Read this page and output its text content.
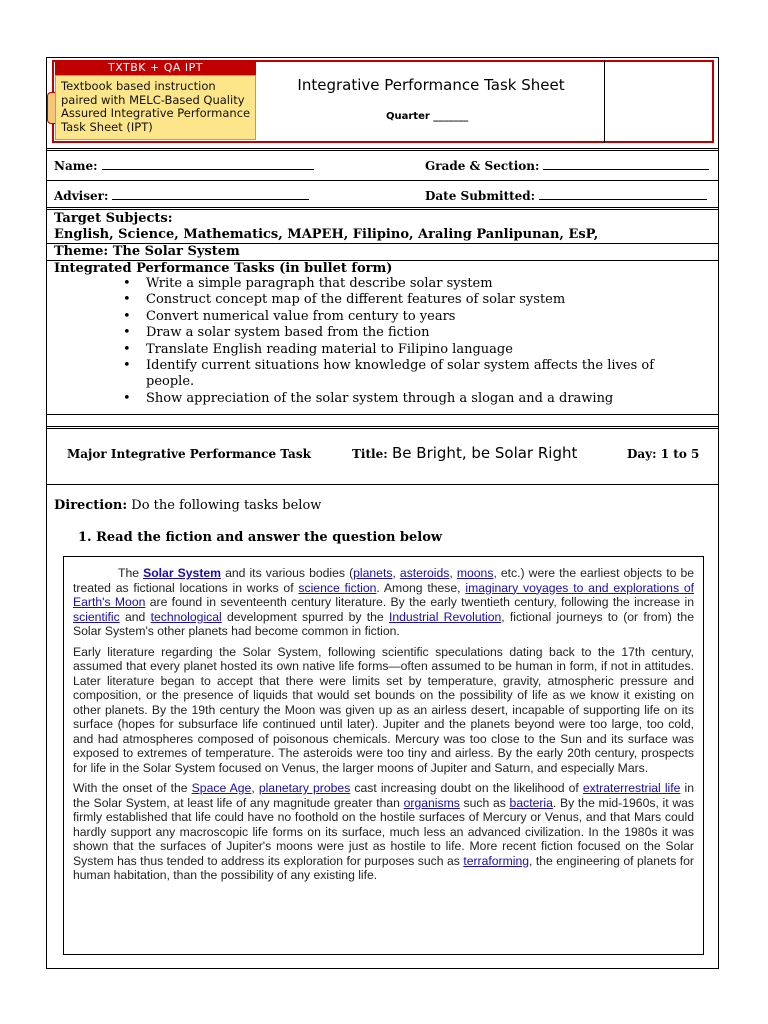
TXTBK + QA IPT
Textbook based instruction paired with MELC-Based Quality Assured Integrative Performance Task Sheet (IPT)
Integrative Performance Task Sheet
Quarter _______
Name:	Grade & Section:
Adviser:	Date Submitted:
Target Subjects:
English, Science, Mathematics, MAPEH, Filipino, Araling Panlipunan, EsP,
Theme: The Solar System
Integrated Performance Tasks (in bullet form)
• Write a simple paragraph that describe solar system
• Construct concept map of the different features of solar system
• Convert numerical value from century to years
• Draw a solar system based from the fiction
• Translate English reading material to Filipino language
• Identify current situations how knowledge of solar system affects the lives of people.
• Show appreciation of the solar system through a slogan and a drawing
Major Integrative Performance Task	Title: Be Bright, be Solar Right	Day: 1 to 5
Direction: Do the following tasks below
1. Read the fiction and answer the question below

The Solar System and its various bodies (planets, asteroids, moons, etc.) were the earliest objects to be treated as fictional locations in works of science fiction. Among these, imaginary voyages to and explorations of Earth's Moon are found in seventeenth century literature. By the early twentieth century, following the increase in scientific and technological development spurred by the Industrial Revolution, fictional journeys to (or from) the Solar System's other planets had become common in fiction.

Early literature regarding the Solar System, following scientific speculations dating back to the 17th century, assumed that every planet hosted its own native life forms—often assumed to be human in form, if not in attitudes. Later literature began to accept that there were limits set by temperature, gravity, atmospheric pressure and composition, or the presence of liquids that would set bounds on the possibility of life as we know it existing on other planets. By the 19th century the Moon was given up as an airless desert, incapable of supporting life on its surface (hopes for subsurface life continued until later). Jupiter and the planets beyond were too large, too cold, and had atmospheres composed of poisonous chemicals. Mercury was too close to the Sun and its surface was exposed to extremes of temperature. The asteroids were too tiny and airless. By the early 20th century, prospects for life in the Solar System focused on Venus, the larger moons of Jupiter and Saturn, and especially Mars.

With the onset of the Space Age, planetary probes cast increasing doubt on the likelihood of extraterrestrial life in the Solar System, at least life of any magnitude greater than organisms such as bacteria. By the mid-1960s, it was firmly established that life could have no foothold on the hostile surfaces of Mercury or Venus, and that Mars could hardly support any macroscopic life forms on its surface, much less an advanced civilization. In the 1980s it was shown that the surfaces of Jupiter's moons were just as hostile to life. More recent fiction focused on the Solar System has thus tended to address its exploration for purposes such as terraforming, the engineering of planets for human habitation, than the possibility of any existing life.
